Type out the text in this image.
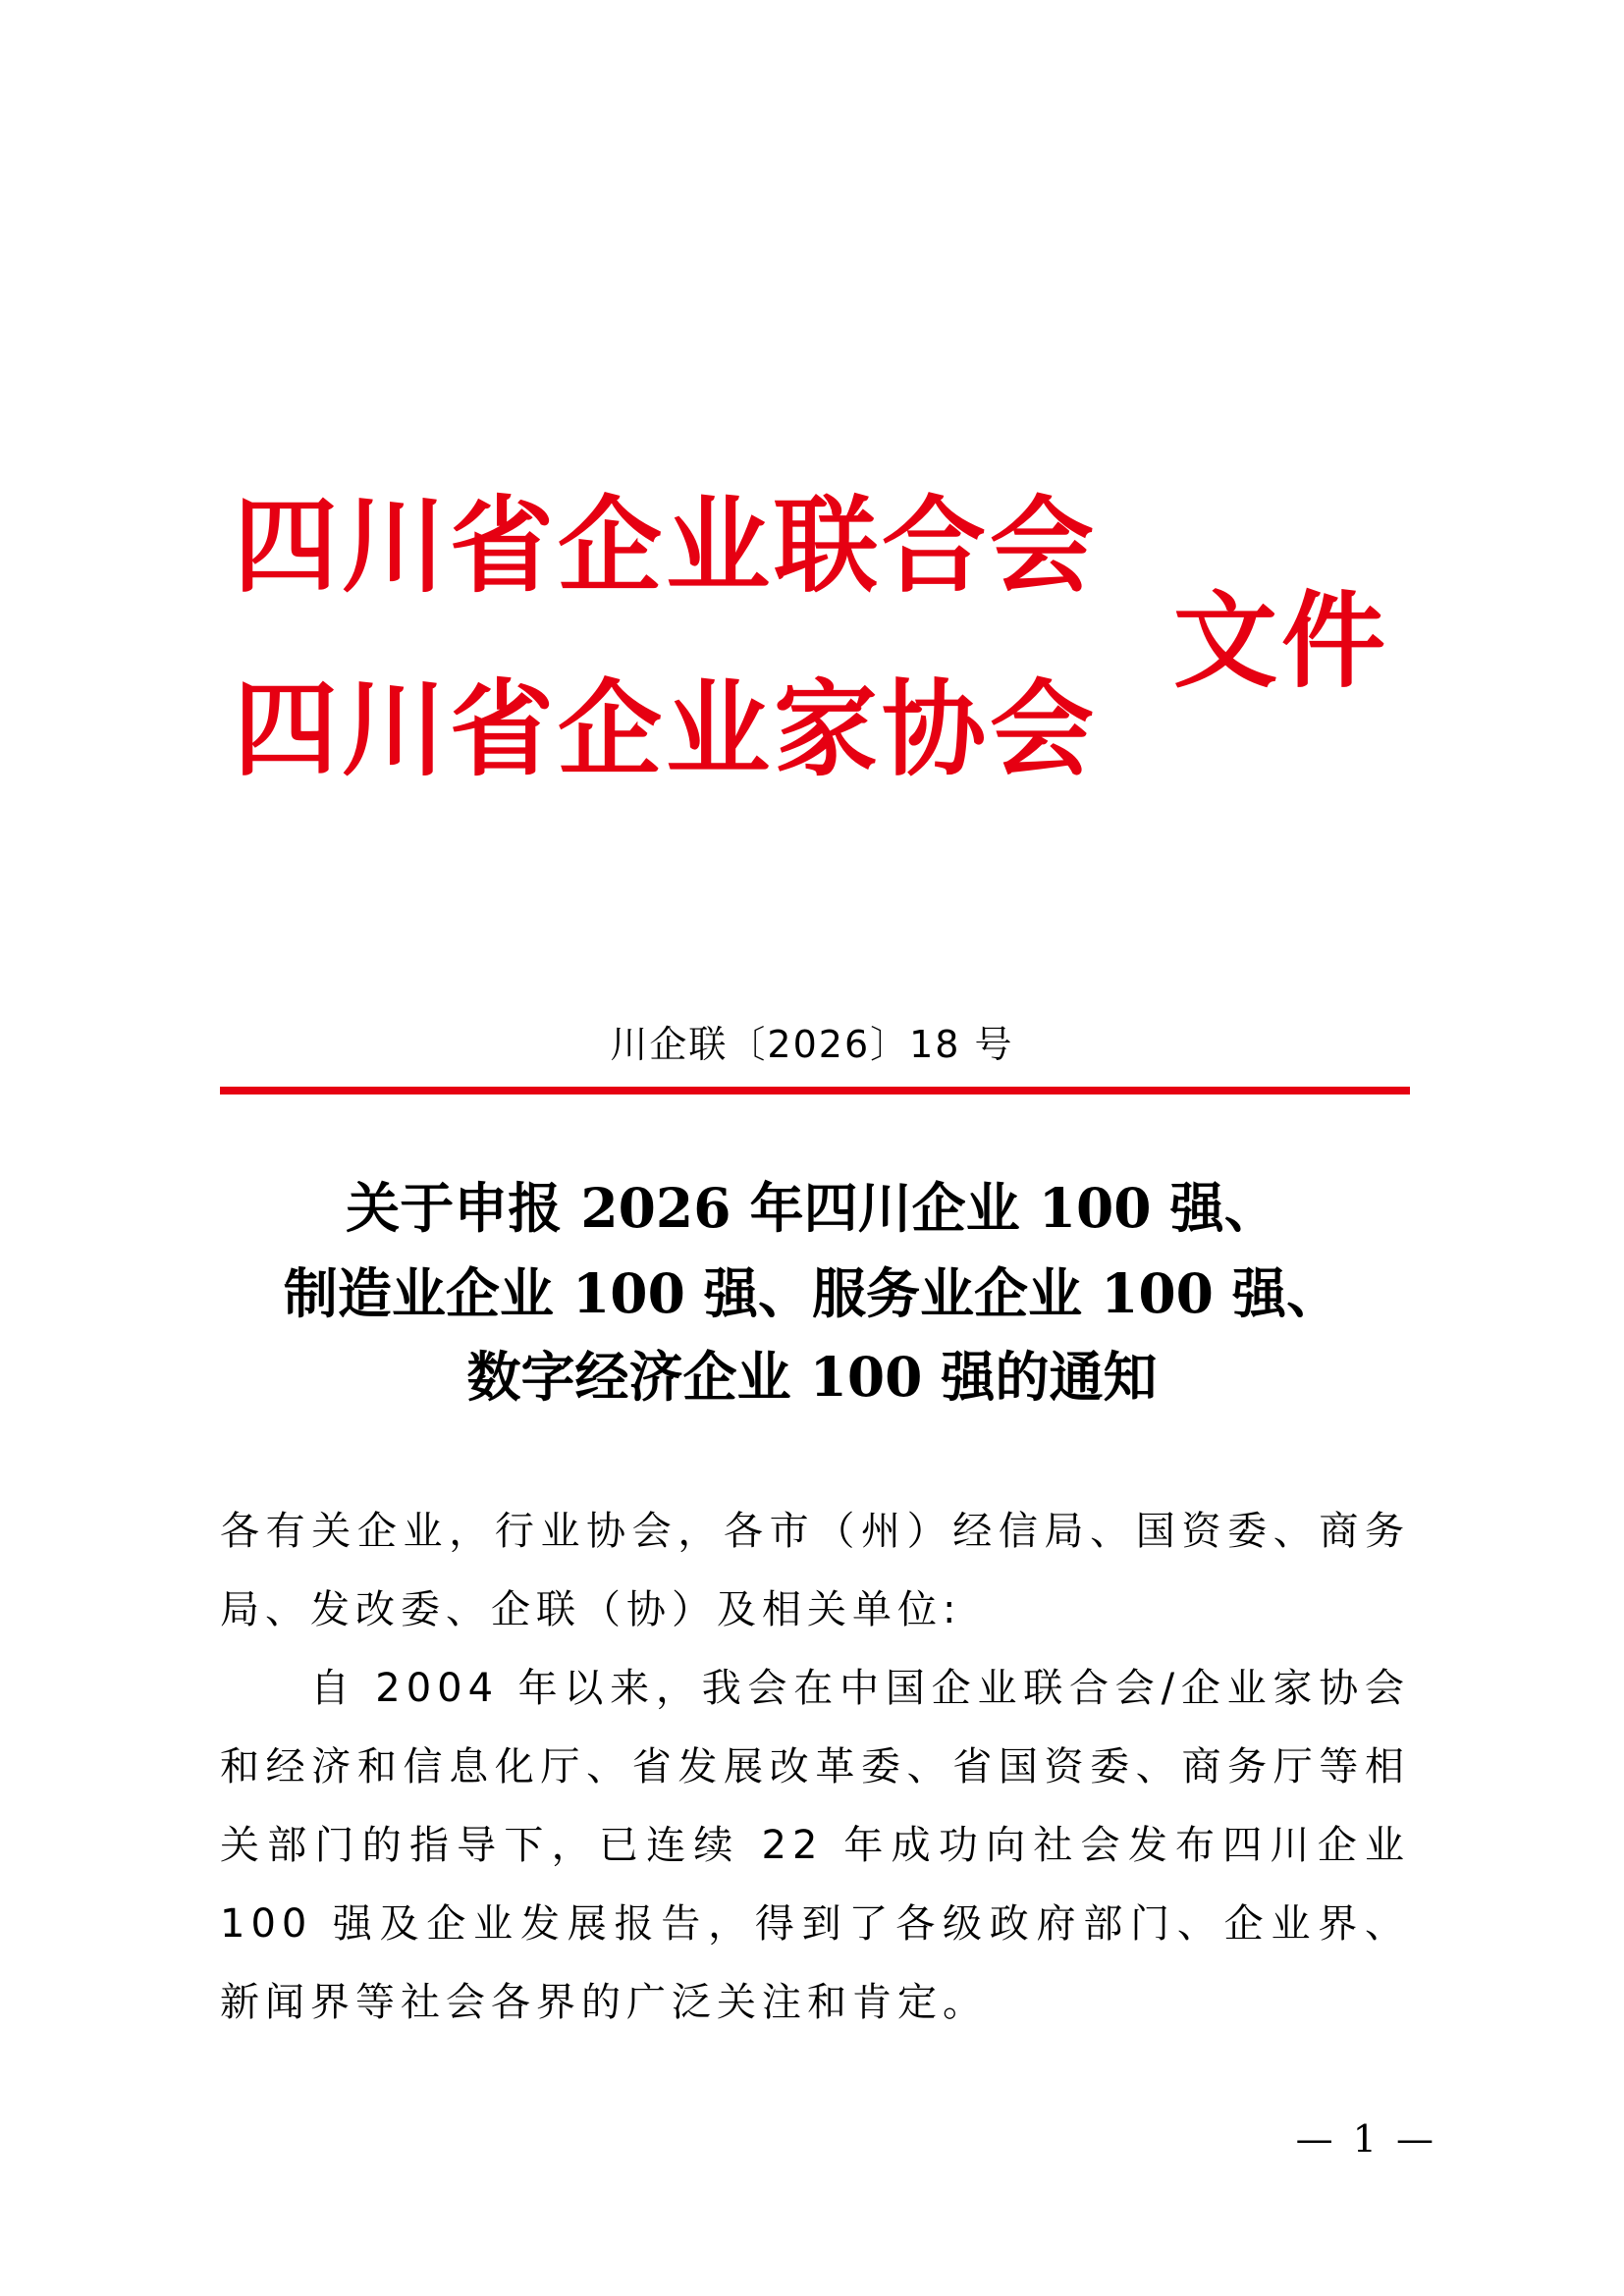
四川省企业联合会
四川省企业家协会
文件
川企联〔2026〕18 号
关于申报 2026 年四川企业 100 强、
制造业企业 100 强、服务业企业 100 强、
数字经济企业 100 强的通知
各有关企业，行业协会，各市（州）经信局、国资委、商务局、发改委、企联（协）及相关单位:
自 2004 年以来，我会在中国企业联合会/企业家协会和经济和信息化厅、省发展改革委、省国资委、商务厅等相关部门的指导下，已连续 22 年成功向社会发布四川企业 100 强及企业发展报告，得到了各级政府部门、企业界、新闻界等社会各界的广泛关注和肯定。
— 1 —
